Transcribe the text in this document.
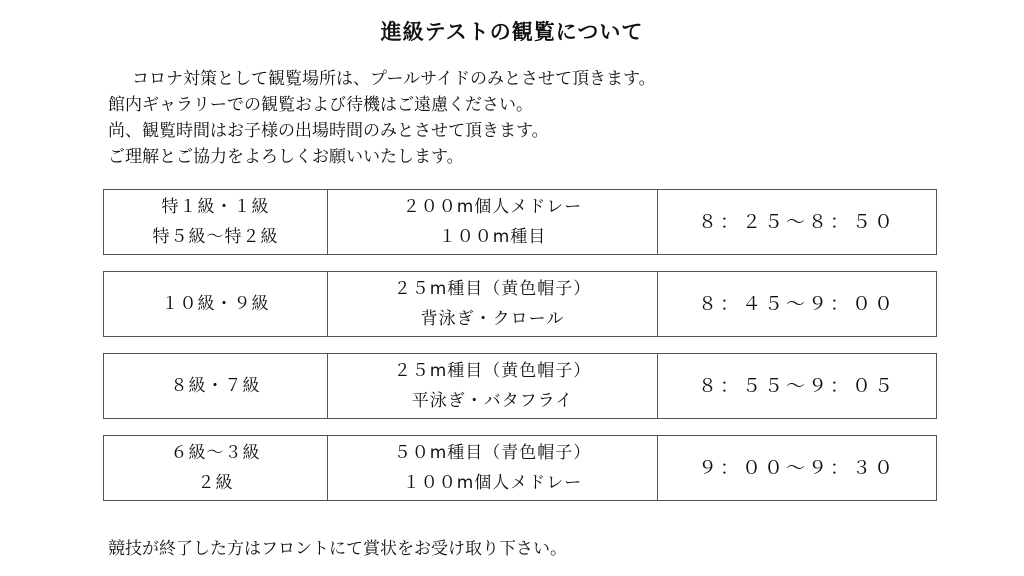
進級テストの観覧について
コロナ対策として観覧場所は、プールサイドのみとさせて頂きます。
館内ギャラリーでの観覧および待機はご遠慮ください。
尚、観覧時間はお子様の出場時間のみとさせて頂きます。
ご理解とご協力をよろしくお願いいたします。
特１級・１級
特５級～特２級
２００m個人メドレー
１００m種目
８：２５～８：５０
１０級・９級
２５m種目（黄色帽子）
背泳ぎ・クロール
８：４５～９：００
８級・７級
２５m種目（黄色帽子）
平泳ぎ・バタフライ
８：５５～９：０５
６級～３級
２級
５０m種目（青色帽子）
１００m個人メドレー
９：００～９：３０
競技が終了した方はフロントにて賞状をお受け取り下さい。
